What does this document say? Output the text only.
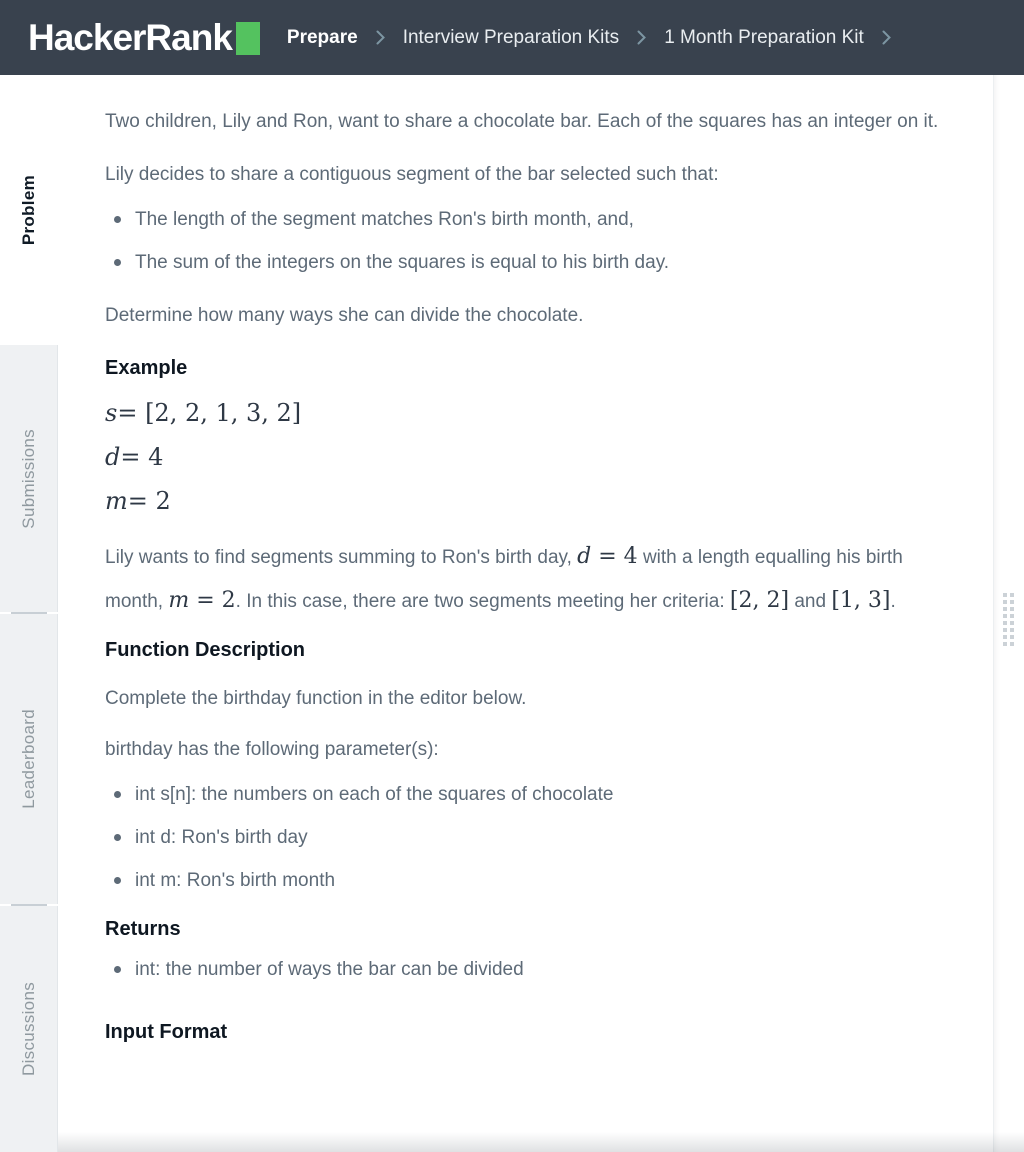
HackerRank	Prepare Interview Preparation Kits 1 Month Preparation Kit
Problem
Submissions
Leaderboard
Discussions

Two children, Lily and Ron, want to share a chocolate bar. Each of the squares has an integer on it.

Lily decides to share a contiguous segment of the bar selected such that:

The length of the segment matches Ron's birth month, and,
The sum of the integers on the squares is equal to his birth day.

Determine how many ways she can divide the chocolate.

Example
s = [2, 2, 1, 3, 2]
d = 4
m = 2

Lily wants to find segments summing to Ron's birth day, d = 4 with a length equalling his birth month, m = 2. In this case, there are two segments meeting her criteria: [2, 2] and [1, 3].

Function Description

Complete the birthday function in the editor below.

birthday has the following parameter(s):

int s[n]: the numbers on each of the squares of chocolate
int d: Ron's birth day
int m: Ron's birth month
Returns
int: the number of ways the bar can be divided
Input Format
